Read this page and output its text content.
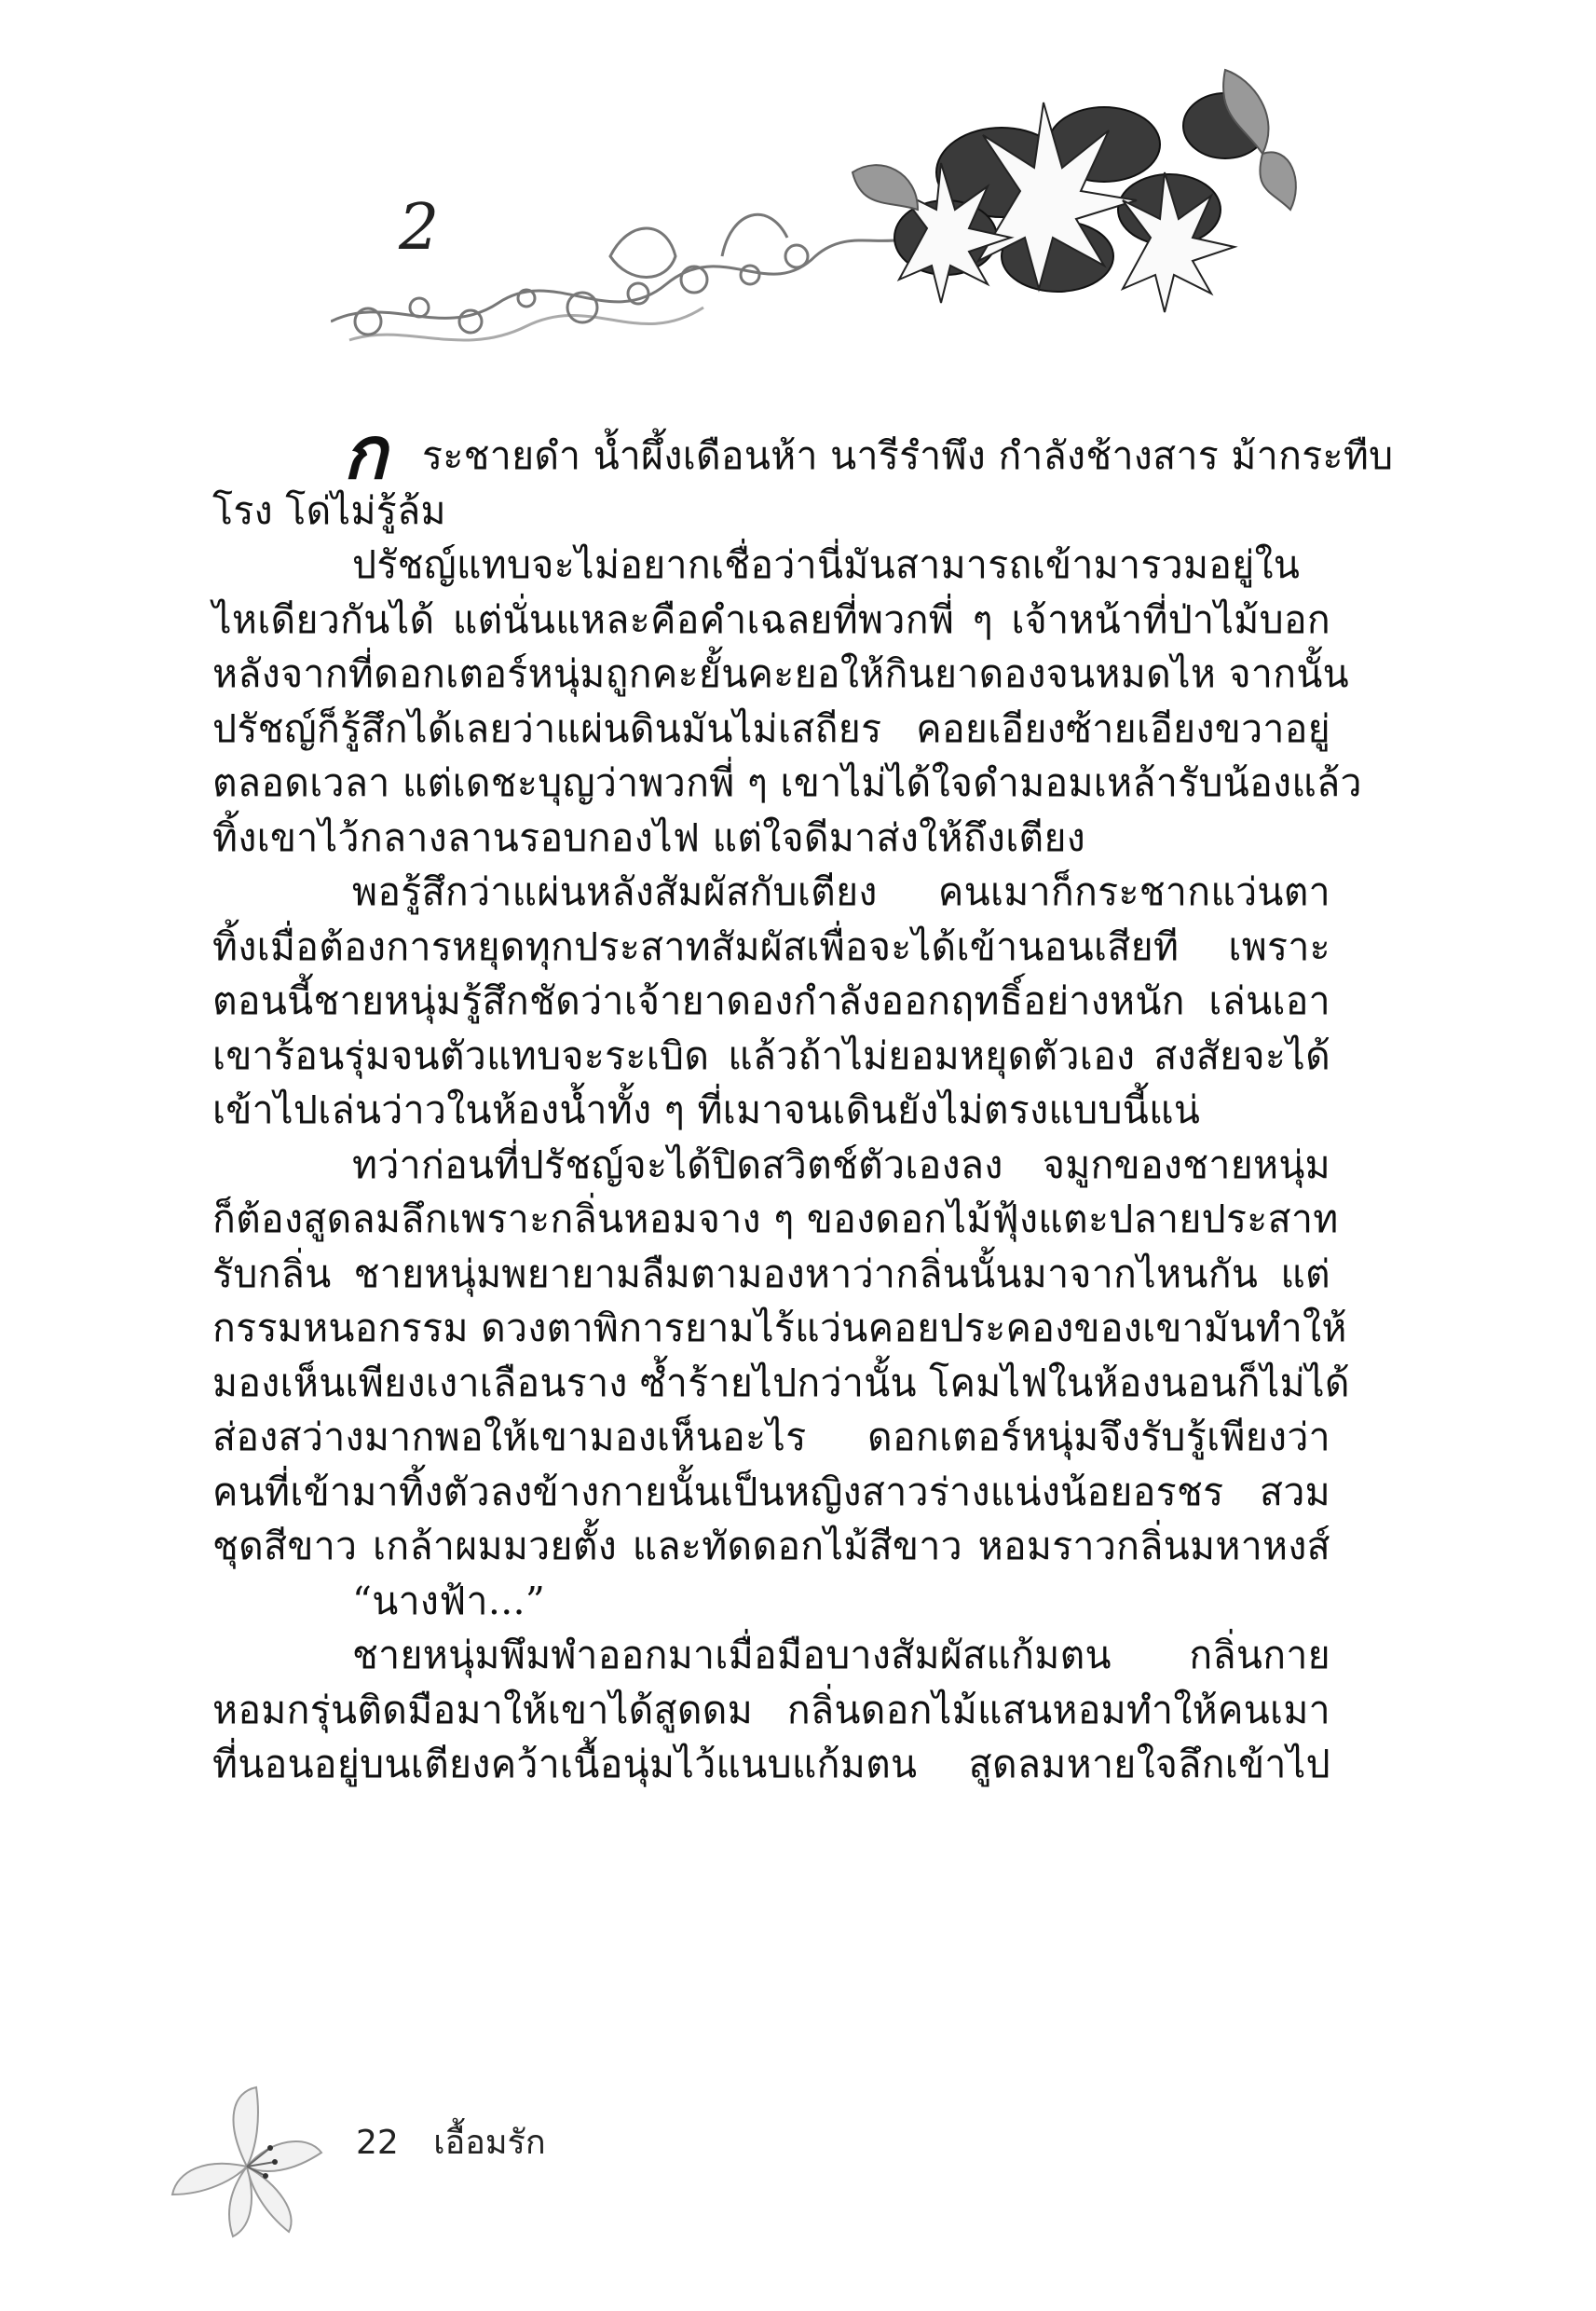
2
ก ระชายดำ น้ำผึ้งเดือนห้า นารีรำพึง กำลังช้างสาร ม้ากระทืบ
โรง โด่ไม่รู้ล้ม
ปรัชญ์แทบจะไม่อยากเชื่อว่านี่มันสามารถเข้ามารวมอยู่ใน
ไหเดียวกันได้ แต่นั่นแหละคือคำเฉลยที่พวกพี่ ๆ เจ้าหน้าที่ป่าไม้บอก
หลังจากที่ดอกเตอร์หนุ่มถูกคะยั้นคะยอให้กินยาดองจนหมดไห จากนั้น
ปรัชญ์ก็รู้สึกได้เลยว่าแผ่นดินมันไม่เสถียร คอยเอียงซ้ายเอียงขวาอยู่
ตลอดเวลา แต่เดชะบุญว่าพวกพี่ ๆ เขาไม่ได้ใจดำมอมเหล้ารับน้องแล้ว
ทิ้งเขาไว้กลางลานรอบกองไฟ แต่ใจดีมาส่งให้ถึงเตียง
พอรู้สึกว่าแผ่นหลังสัมผัสกับเตียง คนเมาก็กระชากแว่นตา
ทิ้งเมื่อต้องการหยุดทุกประสาทสัมผัสเพื่อจะได้เข้านอนเสียที เพราะ
ตอนนี้ชายหนุ่มรู้สึกชัดว่าเจ้ายาดองกำลังออกฤทธิ์อย่างหนัก เล่นเอา
เขาร้อนรุ่มจนตัวแทบจะระเบิด แล้วถ้าไม่ยอมหยุดตัวเอง สงสัยจะได้
เข้าไปเล่นว่าวในห้องน้ำทั้ง ๆ ที่เมาจนเดินยังไม่ตรงแบบนี้แน่
ทว่าก่อนที่ปรัชญ์จะได้ปิดสวิตช์ตัวเองลง จมูกของชายหนุ่ม
ก็ต้องสูดลมลึกเพราะกลิ่นหอมจาง ๆ ของดอกไม้ฟุ้งแตะปลายประสาท
รับกลิ่น ชายหนุ่มพยายามลืมตามองหาว่ากลิ่นนั้นมาจากไหนกัน แต่
กรรมหนอกรรม ดวงตาพิการยามไร้แว่นคอยประคองของเขามันทำให้
มองเห็นเพียงเงาเลือนราง ซ้ำร้ายไปกว่านั้น โคมไฟในห้องนอนก็ไม่ได้
ส่องสว่างมากพอให้เขามองเห็นอะไร ดอกเตอร์หนุ่มจึงรับรู้เพียงว่า
คนที่เข้ามาทิ้งตัวลงข้างกายนั้นเป็นหญิงสาวร่างแน่งน้อยอรชร สวม
ชุดสีขาว เกล้าผมมวยตั้ง และทัดดอกไม้สีขาว หอมราวกลิ่นมหาหงส์
“นางฟ้า...”
ชายหนุ่มพึมพำออกมาเมื่อมือบางสัมผัสแก้มตน กลิ่นกาย
หอมกรุ่นติดมือมาให้เขาได้สูดดม กลิ่นดอกไม้แสนหอมทำให้คนเมา
ที่นอนอยู่บนเตียงคว้าเนื้อนุ่มไว้แนบแก้มตน สูดลมหายใจลึกเข้าไป
22 เอื้อมรัก
